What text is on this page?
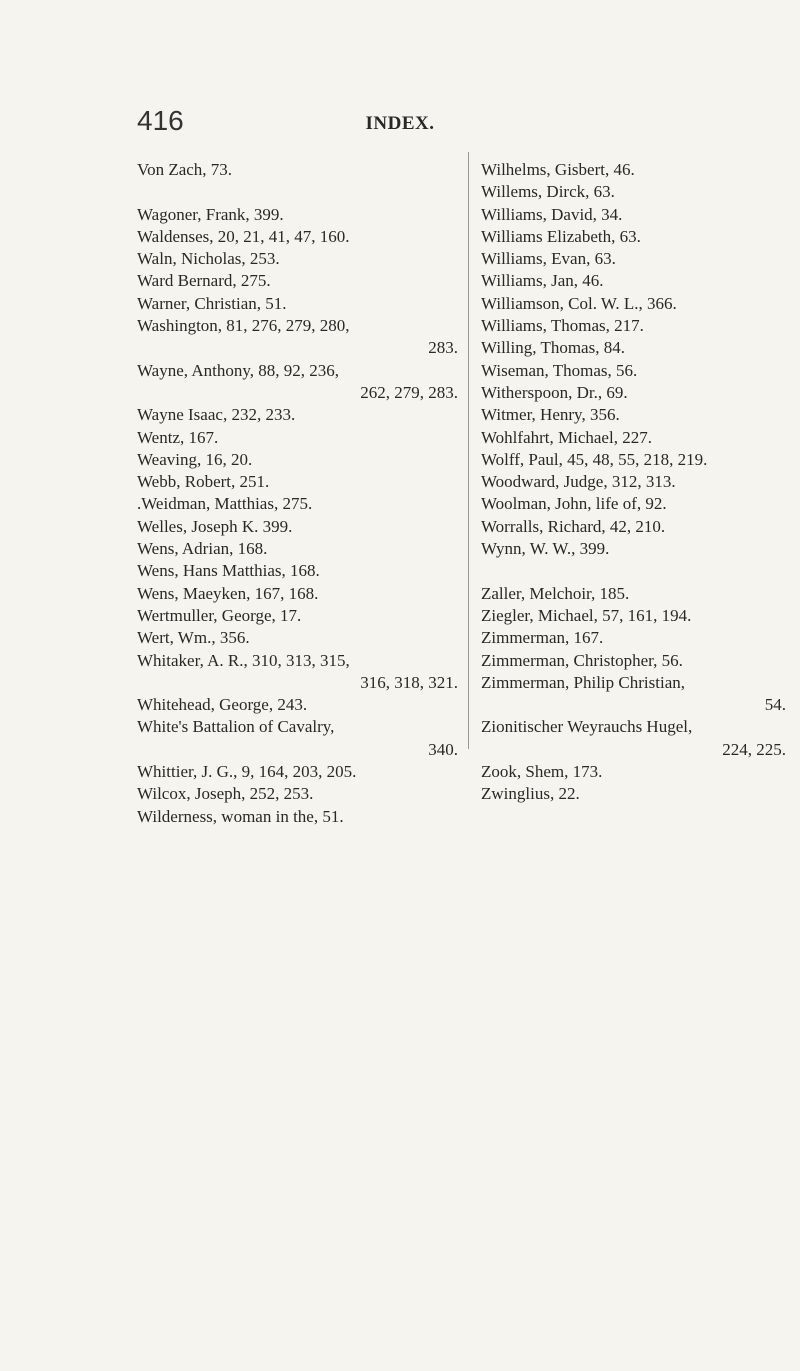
416	INDEX.
Von Zach, 73.
Wagoner, Frank, 399.
Waldenses, 20, 21, 41, 47, 160.
Waln, Nicholas, 253.
Ward Bernard, 275.
Warner, Christian, 51.
Washington, 81, 276, 279, 280,
283.
Wayne, Anthony, 88, 92, 236,
262, 279, 283.
Wayne Isaac, 232, 233.
Wentz, 167.
Weaving, 16, 20.
Webb, Robert, 251.
.Weidman, Matthias, 275.
Welles, Joseph K. 399.
Wens, Adrian, 168.
Wens, Hans Matthias, 168.
Wens, Maeyken, 167, 168.
Wertmuller, George, 17.
Wert, Wm., 356.
Whitaker, A. R., 310, 313, 315,
316, 318, 321.
Whitehead, George, 243.
White's Battalion of Cavalry,
340.
Whittier, J. G., 9, 164, 203, 205.
Wilcox, Joseph, 252, 253.
Wilderness, woman in the, 51.
Wilhelms, Gisbert, 46.
Willems, Dirck, 63.
Williams, David, 34.
Williams Elizabeth, 63.
Williams, Evan, 63.
Williams, Jan, 46.
Williamson, Col. W. L., 366.
Williams, Thomas, 217.
Willing, Thomas, 84.
Wiseman, Thomas, 56.
Witherspoon, Dr., 69.
Witmer, Henry, 356.
Wohlfahrt, Michael, 227.
Wolff, Paul, 45, 48, 55, 218, 219.
Woodward, Judge, 312, 313.
Woolman, John, life of, 92.
Worralls, Richard, 42, 210.
Wynn, W. W., 399.
Zaller, Melchoir, 185.
Ziegler, Michael, 57, 161, 194.
Zimmerman, 167.
Zimmerman, Christopher, 56.
Zimmerman, Philip Christian,
54.
Zionitischer Weyrauchs Hugel,
224, 225.
Zook, Shem, 173.
Zwinglius, 22.
